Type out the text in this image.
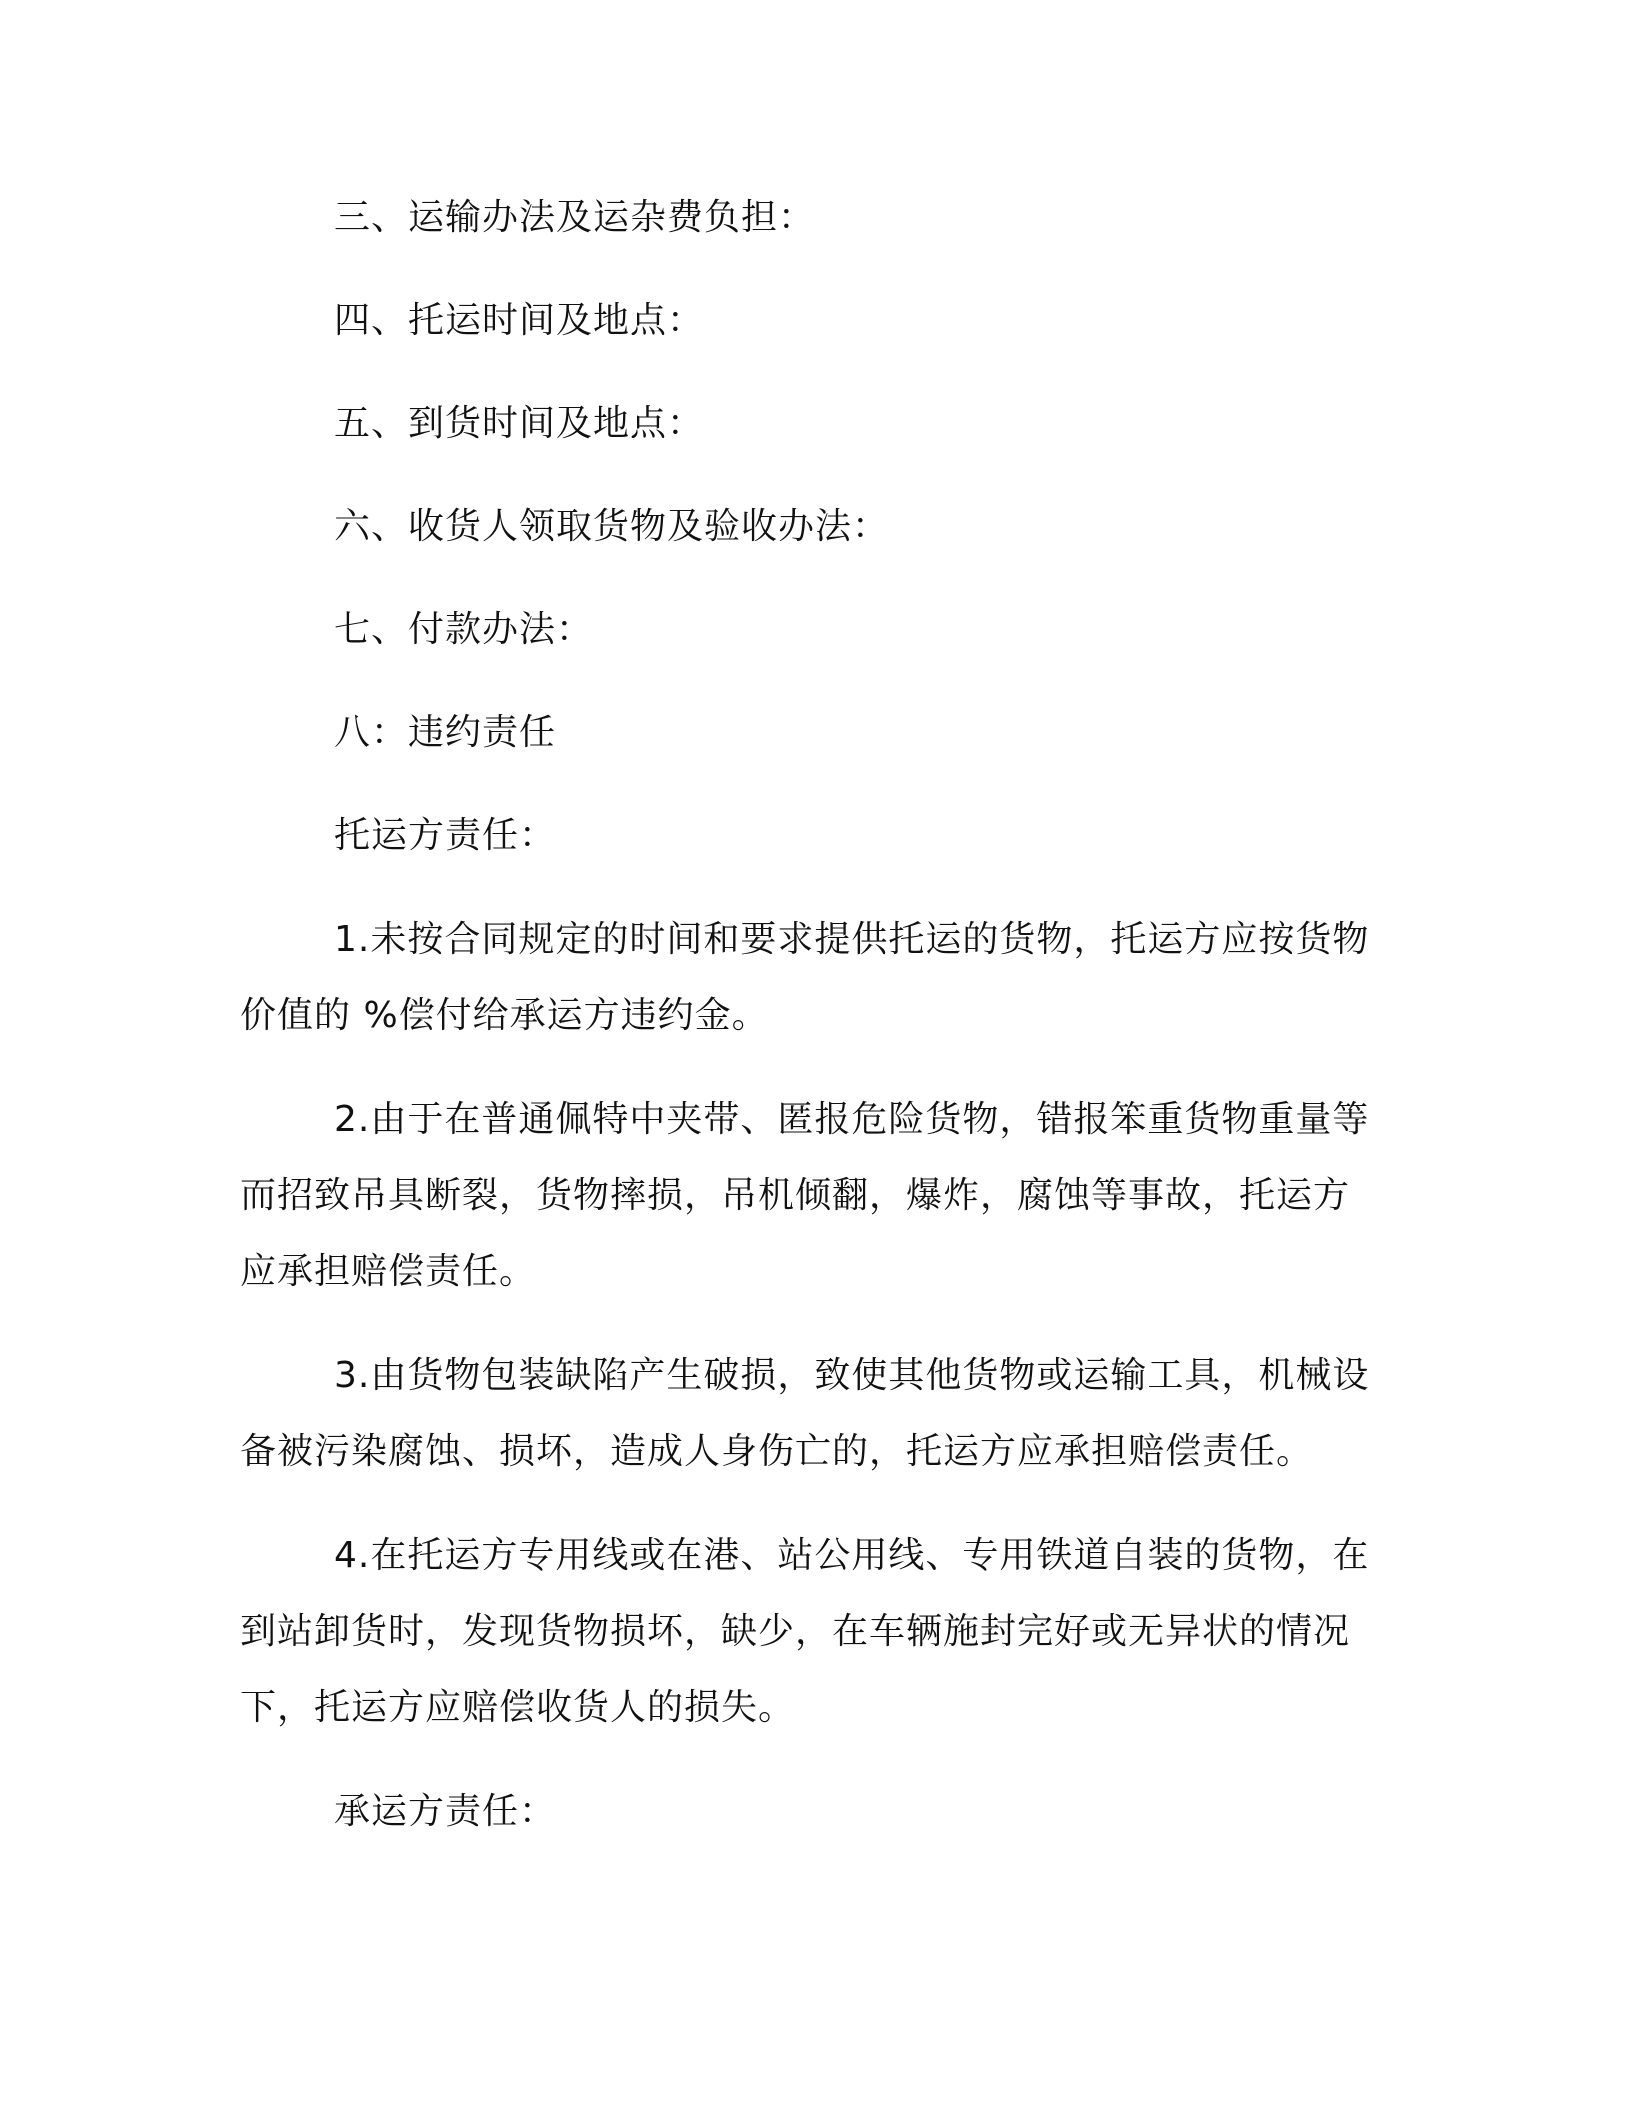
三、运输办法及运杂费负担：
四、托运时间及地点：
五、到货时间及地点：
六、收货人领取货物及验收办法：
七、付款办法：
八：违约责任
托运方责任：
1.未按合同规定的时间和要求提供托运的货物，托运方应按货物
价值的 %偿付给承运方违约金。
2.由于在普通佩特中夹带、匿报危险货物，错报笨重货物重量等
而招致吊具断裂，货物摔损，吊机倾翻，爆炸，腐蚀等事故，托运方
应承担赔偿责任。
3.由货物包装缺陷产生破损，致使其他货物或运输工具，机械设
备被污染腐蚀、损坏，造成人身伤亡的，托运方应承担赔偿责任。
4.在托运方专用线或在港、站公用线、专用铁道自装的货物，在
到站卸货时，发现货物损坏，缺少，在车辆施封完好或无异状的情况
下，托运方应赔偿收货人的损失。
承运方责任：
